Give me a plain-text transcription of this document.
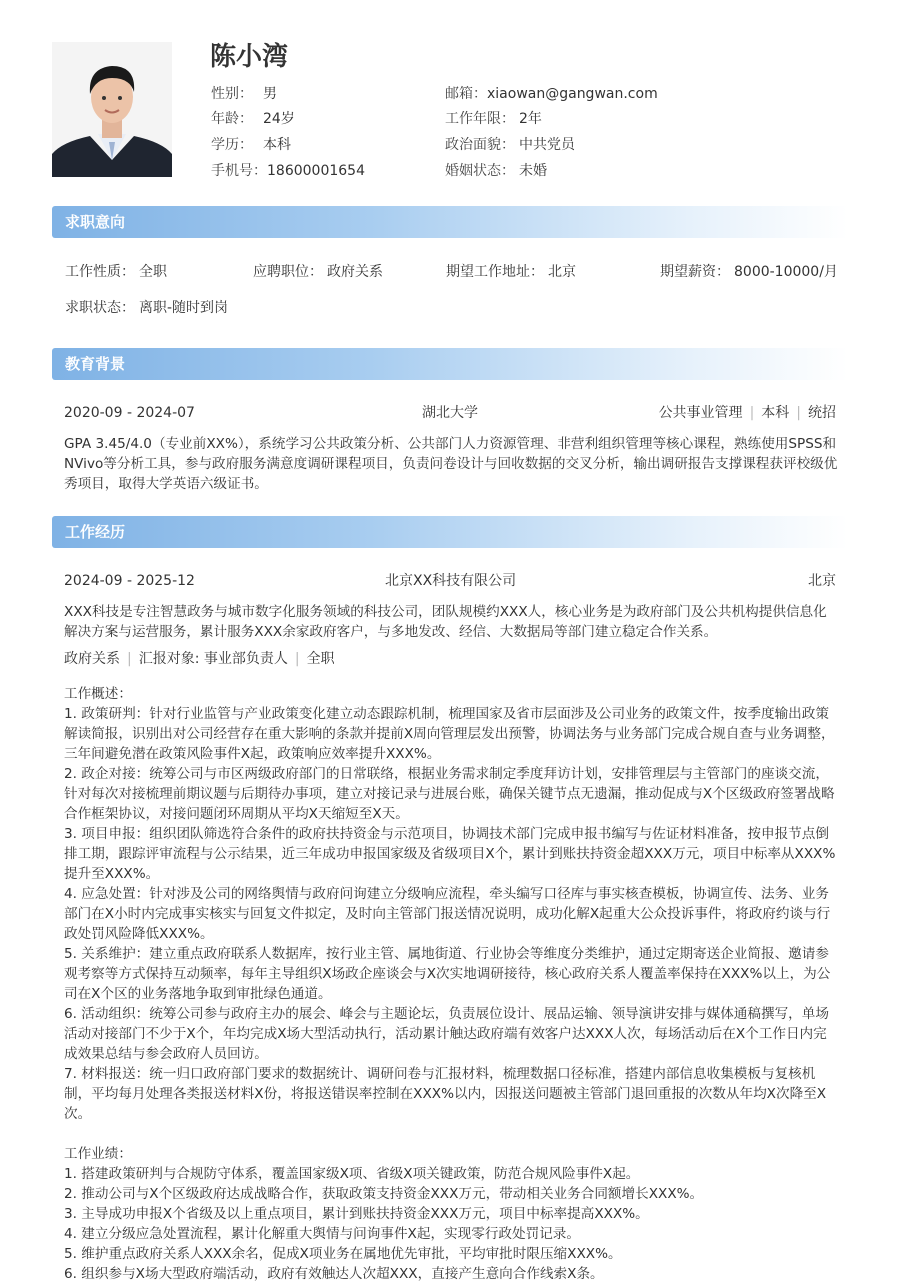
陈小湾
性别： 男
年龄： 24岁
学历： 本科
手机号：18600001654
邮箱：xiaowan@gangwan.com
工作年限： 2年
政治面貌： 中共党员
婚姻状态： 未婚
求职意向
工作性质： 全职	应聘职位： 政府关系	期望工作地址： 北京	期望薪资： 8000-10000/月
求职状态： 离职-随时到岗
教育背景
2020-09 - 2024-07	湖北大学	公共事业管理 | 本科 | 统招
GPA 3.45/4.0（专业前XX%），系统学习公共政策分析、公共部门人力资源管理、非营利组织管理等核心课程，熟练使用SPSS和NVivo等分析工具，参与政府服务满意度调研课程项目，负责问卷设计与回收数据的交叉分析，输出调研报告支撑课程获评校级优秀项目，取得大学英语六级证书。
工作经历
2024-09 - 2025-12	北京XX科技有限公司	北京
XXX科技是专注智慧政务与城市数字化服务领域的科技公司，团队规模约XXX人，核心业务是为政府部门及公共机构提供信息化解决方案与运营服务，累计服务XXX余家政府客户，与多地发改、经信、大数据局等部门建立稳定合作关系。
政府关系 | 汇报对象: 事业部负责人 | 全职

工作概述：

1. 政策研判：针对行业监管与产业政策变化建立动态跟踪机制，梳理国家及省市层面涉及公司业务的政策文件，按季度输出政策解读简报，识别出对公司经营存在重大影响的条款并提前X周向管理层发出预警，协调法务与业务部门完成合规自查与业务调整，三年间避免潜在政策风险事件X起，政策响应效率提升XXX%。

2. 政企对接：统筹公司与市区两级政府部门的日常联络，根据业务需求制定季度拜访计划，安排管理层与主管部门的座谈交流，针对每次对接梳理前期议题与后期待办事项，建立对接记录与进展台账，确保关键节点无遗漏，推动促成与X个区级政府签署战略合作框架协议，对接问题闭环周期从平均X天缩短至X天。

3. 项目申报：组织团队筛选符合条件的政府扶持资金与示范项目，协调技术部门完成申报书编写与佐证材料准备，按申报节点倒排工期，跟踪评审流程与公示结果，近三年成功申报国家级及省级项目X个，累计到账扶持资金超XXX万元，项目中标率从XXX%提升至XXX%。

4. 应急处置：针对涉及公司的网络舆情与政府问询建立分级响应流程，牵头编写口径库与事实核查模板，协调宣传、法务、业务部门在X小时内完成事实核实与回复文件拟定，及时向主管部门报送情况说明，成功化解X起重大公众投诉事件，将政府约谈与行政处罚风险降低XXX%。

5. 关系维护：建立重点政府联系人数据库，按行业主管、属地街道、行业协会等维度分类维护，通过定期寄送企业简报、邀请参观考察等方式保持互动频率，每年主导组织X场政企座谈会与X次实地调研接待，核心政府关系人覆盖率保持在XXX%以上，为公司在X个区的业务落地争取到审批绿色通道。

6. 活动组织：统筹公司参与政府主办的展会、峰会与主题论坛，负责展位设计、展品运输、领导演讲安排与媒体通稿撰写，单场活动对接部门不少于X个，年均完成X场大型活动执行，活动累计触达政府端有效客户达XXX人次，每场活动后在X个工作日内完成效果总结与参会政府人员回访。

7. 材料报送：统一归口政府部门要求的数据统计、调研问卷与汇报材料，梳理数据口径标准，搭建内部信息收集模板与复核机制，平均每月处理各类报送材料X份，将报送错误率控制在XXX%以内，因报送问题被主管部门退回重报的次数从年均X次降至X次。

工作业绩：

1. 搭建政策研判与合规防守体系，覆盖国家级X项、省级X项关键政策，防范合规风险事件X起。

2. 推动公司与X个区级政府达成战略合作，获取政策支持资金XXX万元，带动相关业务合同额增长XXX%。

3. 主导成功申报X个省级及以上重点项目，累计到账扶持资金XXX万元，项目中标率提高XXX%。

4. 建立分级应急处置流程，累计化解重大舆情与问询事件X起，实现零行政处罚记录。

5. 维护重点政府关系人XXX余名，促成X项业务在属地优先审批，平均审批时限压缩XXX%。

6. 组织参与X场大型政府端活动，政府有效触达人次超XXX，直接产生意向合作线索X条。
